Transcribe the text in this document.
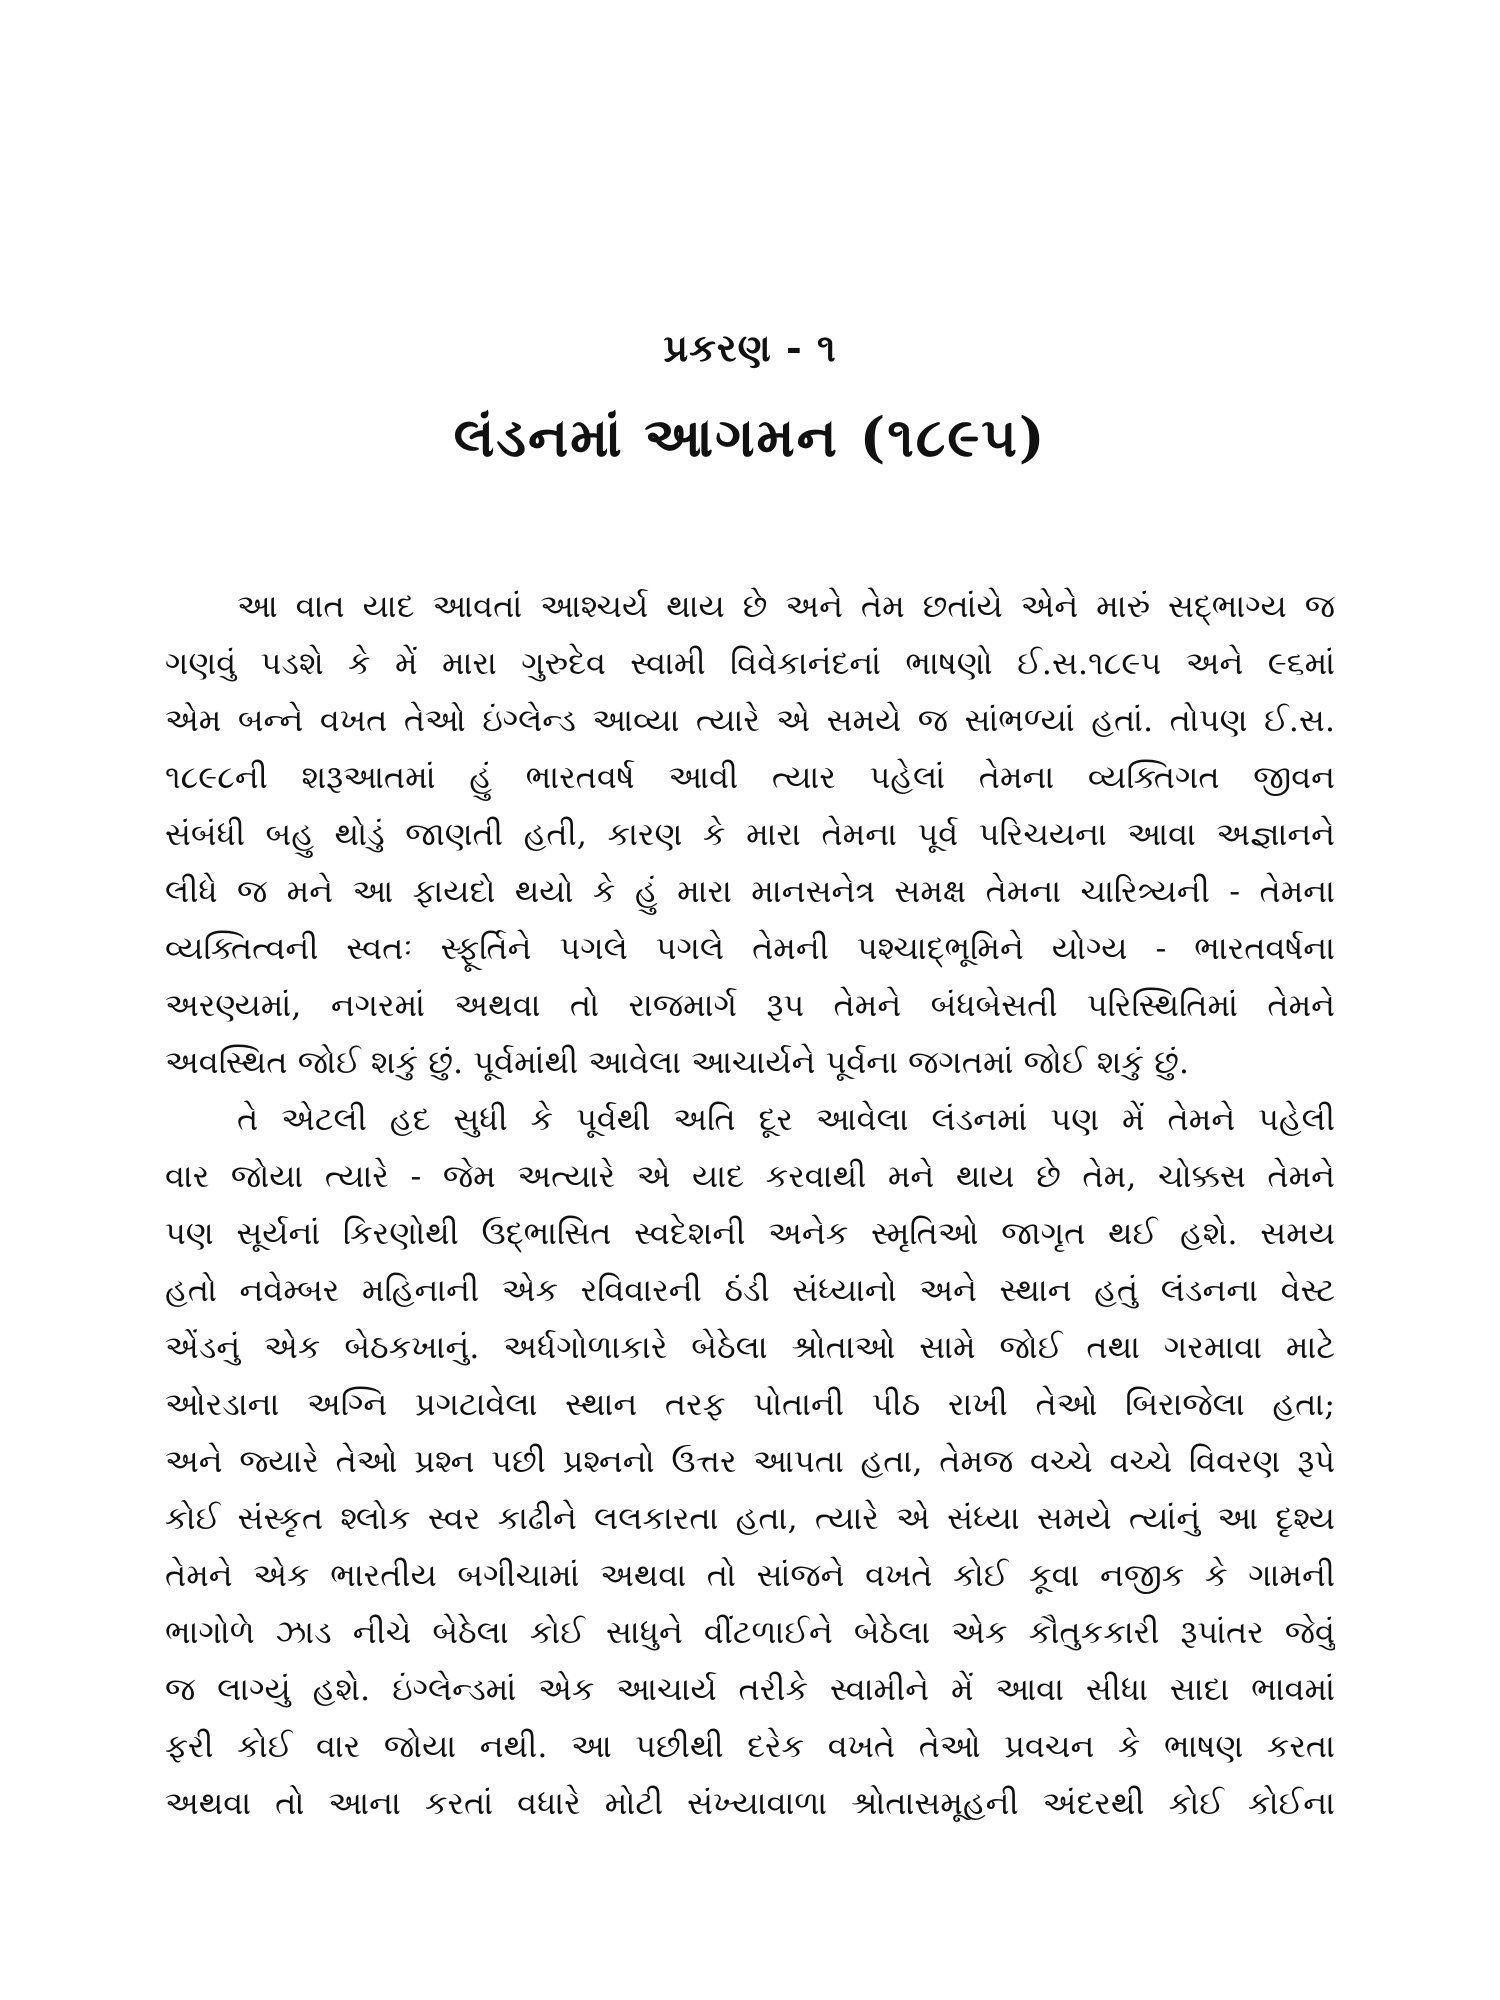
પ્રકરણ - ૧
લંડનમાં આગમન (૧૮૯૫)
આ વાત યાદ આવતાં આશ્ચર્ય થાય છે અને તેમ છતાંયે એને મારું સદ્ભાગ્ય જ
ગણવું પડશે કે મેં મારા ગુરુદેવ સ્વામી વિવેકાનંદનાં ભાષણો ઈ.સ.૧૮૯૫ અને ૯૬માં
એમ બન્ને વખત તેઓ ઇંગ્લેન્ડ આવ્યા ત્યારે એ સમયે જ સાંભળ્યાં હતાં. તોપણ ઈ.સ.
૧૮૯૮ની શરૂઆતમાં હું ભારતવર્ષ આવી ત્યાર પહેલાં તેમના વ્યક્તિગત જીવન
સંબંધી બહુ થોડું જાણતી હતી, કારણ કે મારા તેમના પૂર્વ પરિચયના આવા અજ્ઞાનને
લીધે જ મને આ ફાયદો થયો કે હું મારા માનસનેત્ર સમક્ષ તેમના ચારિત્ર્યની - તેમના
વ્યક્તિત્વની સ્વતઃ સ્ફૂર્તિને પગલે પગલે તેમની પશ્ચાદ્ભૂમિને યોગ્ય - ભારતવર્ષના
અરણ્યમાં, નગરમાં અથવા તો રાજમાર્ગ રૂપ તેમને બંધબેસતી પરિસ્થિતિમાં તેમને
અવસ્થિત જોઈ શકું છું. પૂર્વમાંથી આવેલા આચાર્યને પૂર્વના જગતમાં જોઈ શકું છું.
તે એટલી હદ સુધી કે પૂર્વથી અતિ દૂર આવેલા લંડનમાં પણ મેં તેમને પહેલી
વાર જોયા ત્યારે - જેમ અત્યારે એ યાદ કરવાથી મને થાય છે તેમ, ચોક્કસ તેમને
પણ સૂર્યનાં કિરણોથી ઉદ્ભાસિત સ્વદેશની અનેક સ્મૃતિઓ જાગૃત થઈ હશે. સમય
હતો નવેમ્બર મહિનાની એક રવિવારની ઠંડી સંધ્યાનો અને સ્થાન હતું લંડનના વેસ્ટ
એંડનું એક બેઠકખાનું. અર્ધગોળાકારે બેઠેલા શ્રોતાઓ સામે જોઈ તથા ગરમાવા માટે
ઓરડાના અગ્નિ પ્રગટાવેલા સ્થાન તરફ પોતાની પીઠ રાખી તેઓ બિરાજેલા હતા;
અને જ્યારે તેઓ પ્રશ્ન પછી પ્રશ્નનો ઉત્તર આપતા હતા, તેમજ વચ્ચે વચ્ચે વિવરણ રૂપે
કોઈ સંસ્કૃત શ્લોક સ્વર કાઢીને લલકારતા હતા, ત્યારે એ સંધ્યા સમયે ત્યાંનું આ દૃશ્ય
તેમને એક ભારતીય બગીચામાં અથવા તો સાંજને વખતે કોઈ કૂવા નજીક કે ગામની
ભાગોળે ઝાડ નીચે બેઠેલા કોઈ સાધુને વીંટળાઈને બેઠેલા એક કૌતુકકારી રૂપાંતર જેવું
જ લાગ્યું હશે. ઇંગ્લેન્ડમાં એક આચાર્ય તરીકે સ્વામીને મેં આવા સીધા સાદા ભાવમાં
ફરી કોઈ વાર જોયા નથી. આ પછીથી દરેક વખતે તેઓ પ્રવચન કે ભાષણ કરતા
અથવા તો આના કરતાં વધારે મોટી સંખ્યાવાળા શ્રોતાસમૂહની અંદરથી કોઈ કોઈના
